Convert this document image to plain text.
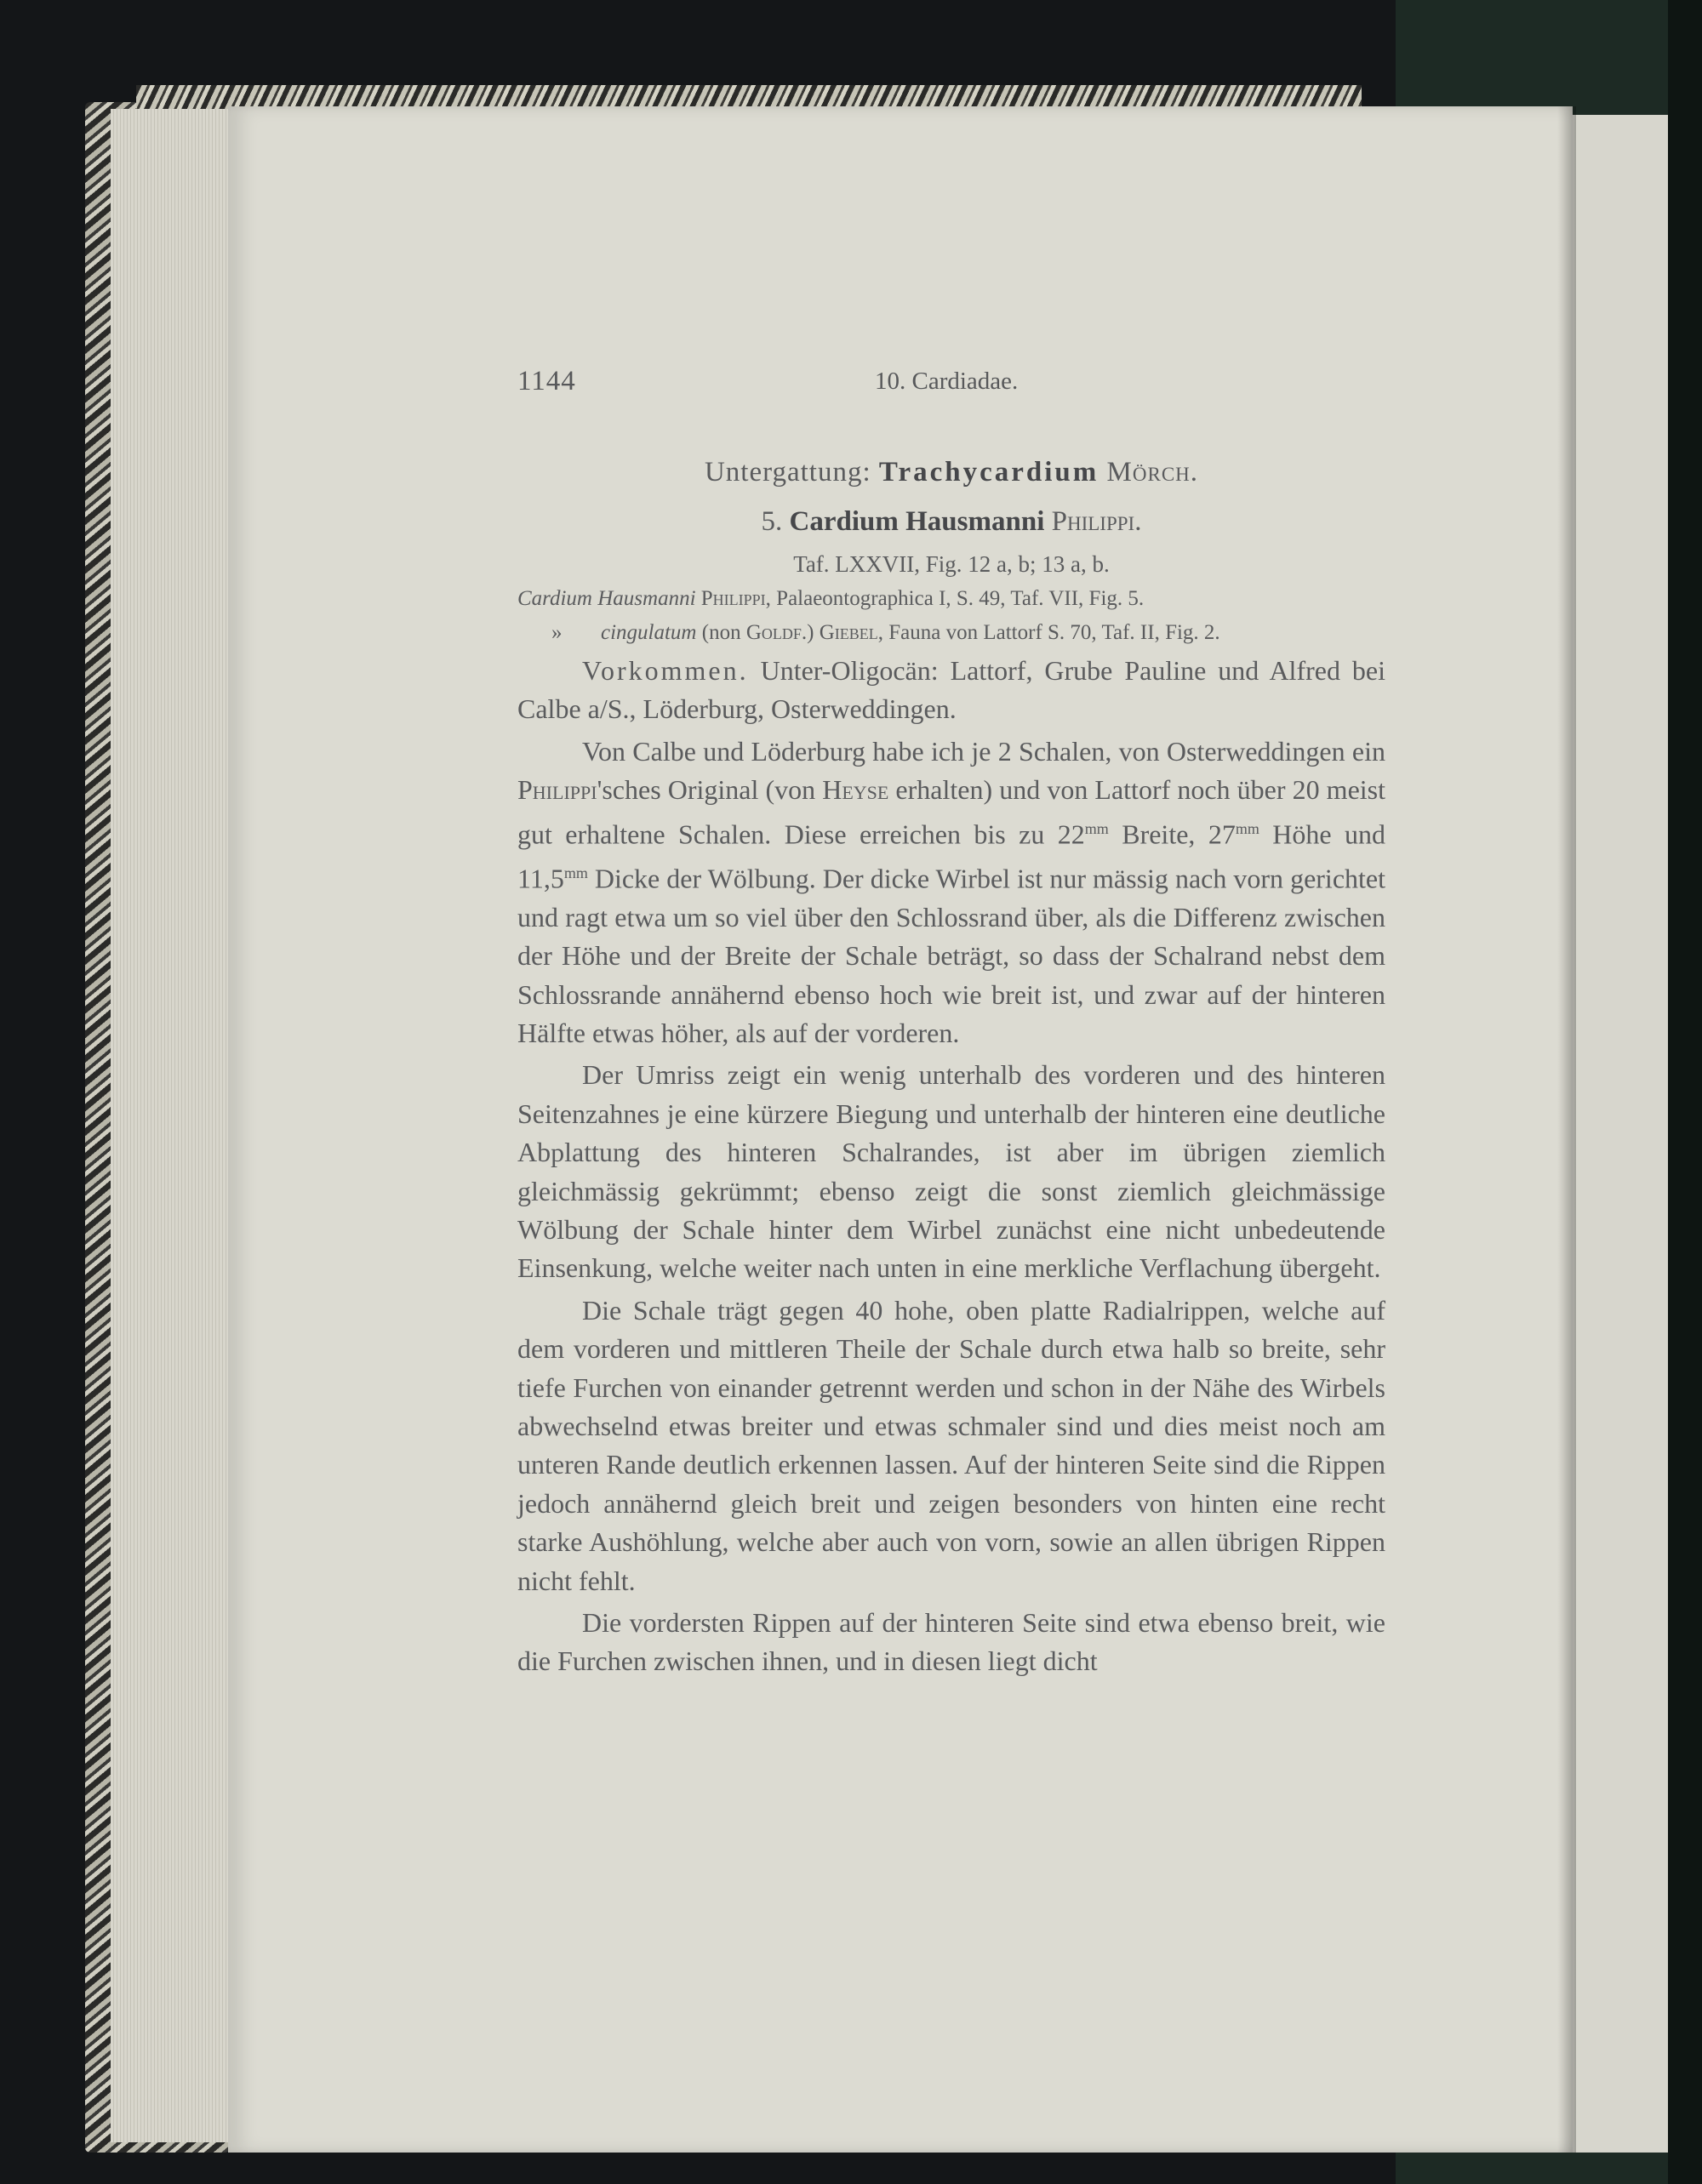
1144	10. Cardiadae.

Untergattung: Trachycardium Mörch.

5. Cardium Hausmanni Philippi.

Taf. LXXVII, Fig. 12 a, b; 13 a, b.

Cardium Hausmanni Philippi, Palaeontographica I, S. 49, Taf. VII, Fig. 5.

» cingulatum (non Goldf.) Giebel, Fauna von Lattorf S. 70, Taf. II, Fig. 2.

Vorkommen. Unter-Oligocän: Lattorf, Grube Pauline und Alfred bei Calbe a/S., Löderburg, Osterweddingen.

Von Calbe und Löderburg habe ich je 2 Schalen, von Osterweddingen ein Philippi'sches Original (von Heyse erhalten) und von Lattorf noch über 20 meist gut erhaltene Schalen. Diese erreichen bis zu $22^{mm}$ Breite, $27^{mm}$ Höhe und $11,5^{mm}$ Dicke der Wölbung. Der dicke Wirbel ist nur mässig nach vorn gerichtet und ragt etwa um so viel über den Schlossrand über, als die Differenz zwischen der Höhe und der Breite der Schale beträgt, so dass der Schalrand nebst dem Schlossrande annähernd ebenso hoch wie breit ist, und zwar auf der hinteren Hälfte etwas höher, als auf der vorderen.

Der Umriss zeigt ein wenig unterhalb des vorderen und des hinteren Seitenzahnes je eine kürzere Biegung und unterhalb der hinteren eine deutliche Abplattung des hinteren Schalrandes, ist aber im übrigen ziemlich gleichmässig gekrümmt; ebenso zeigt die sonst ziemlich gleichmässige Wölbung der Schale hinter dem Wirbel zunächst eine nicht unbedeutende Einsenkung, welche weiter nach unten in eine merkliche Verflachung übergeht.

Die Schale trägt gegen 40 hohe, oben platte Radialrippen, welche auf dem vorderen und mittleren Theile der Schale durch etwa halb so breite, sehr tiefe Furchen von einander getrennt werden und schon in der Nähe des Wirbels abwechselnd etwas breiter und etwas schmaler sind und dies meist noch am unteren Rande deutlich erkennen lassen. Auf der hinteren Seite sind die Rippen jedoch annähernd gleich breit und zeigen besonders von hinten eine recht starke Aushöhlung, welche aber auch von vorn, sowie an allen übrigen Rippen nicht fehlt.

Die vordersten Rippen auf der hinteren Seite sind etwa ebenso breit, wie die Furchen zwischen ihnen, und in diesen liegt dicht
